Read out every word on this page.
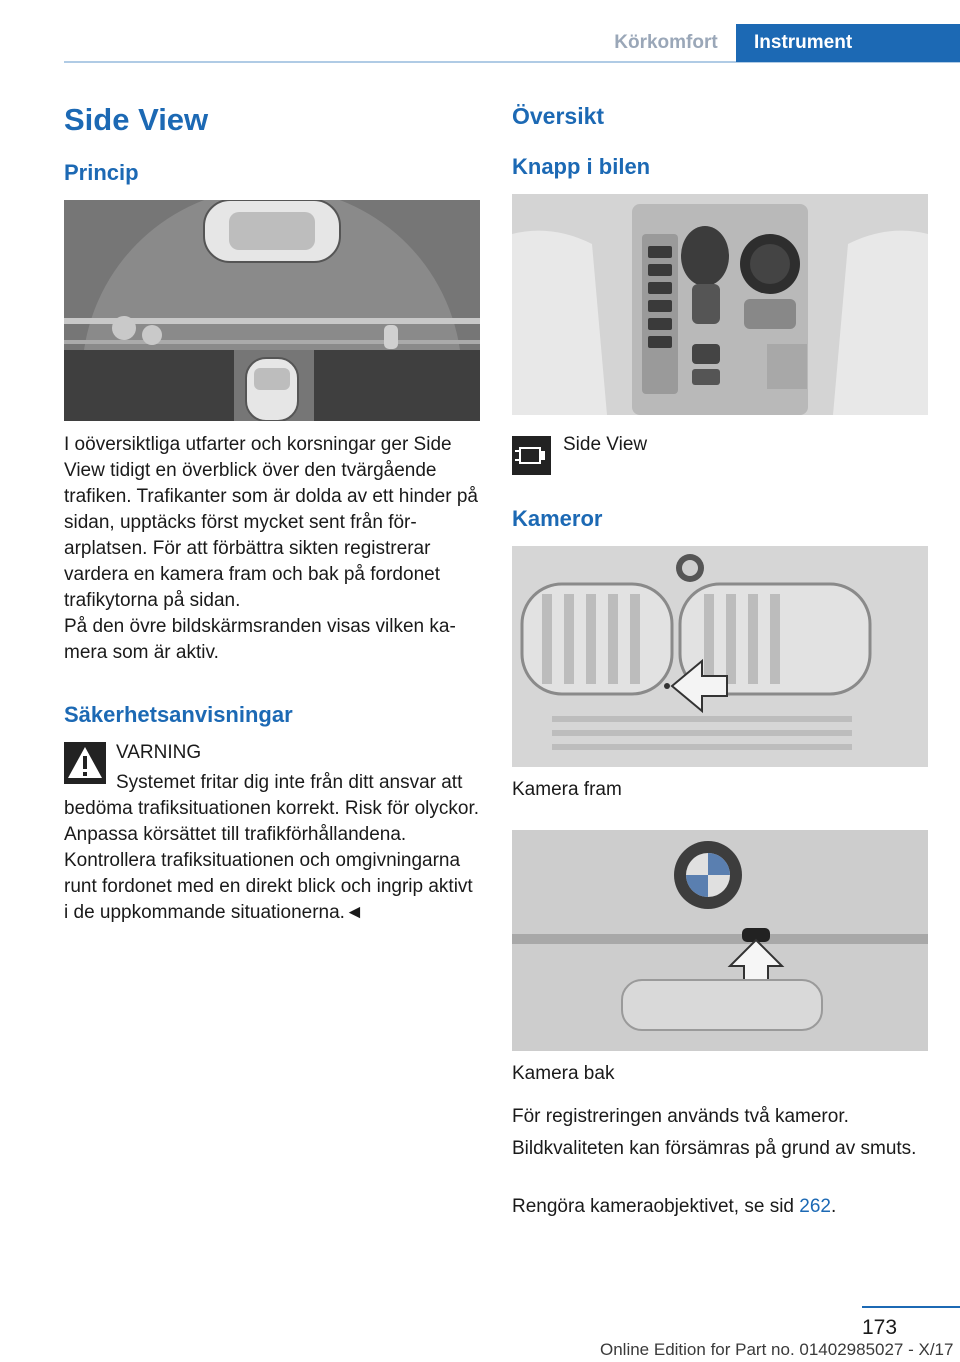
Körkomfort	Instrument
Side View
Princip
I oöversiktliga utfarter och korsningar ger Side View tidigt en överblick över den tvärgående trafiken. Trafikanter som är dolda av ett hinder på sidan, upptäcks först mycket sent från förarplatsen. För att förbättra sikten registrerar vardera en kamera fram och bak på fordonet trafikytorna på sidan.
På den övre bildskärmsranden visas vilken kamera som är aktiv.
Säkerhetsanvisningar
VARNING
Systemet fritar dig inte från ditt ansvar att
bedöma trafiksituationen korrekt. Risk för olyckor. Anpassa körsättet till trafikförhållandena. Kontrollera trafiksituationen och omgivningarna runt fordonet med en direkt blick och ingrip aktivt i de uppkommande situationerna.◄
Översikt
Knapp i bilen
Side View
Kameror
Kamera fram
Kamera bak
För registreringen används två kameror.
Bildkvaliteten kan försämras på grund av smuts.
Rengöra kameraobjektivet, se sid 262.
173
Online Edition for Part no. 01402985027 - X/17
